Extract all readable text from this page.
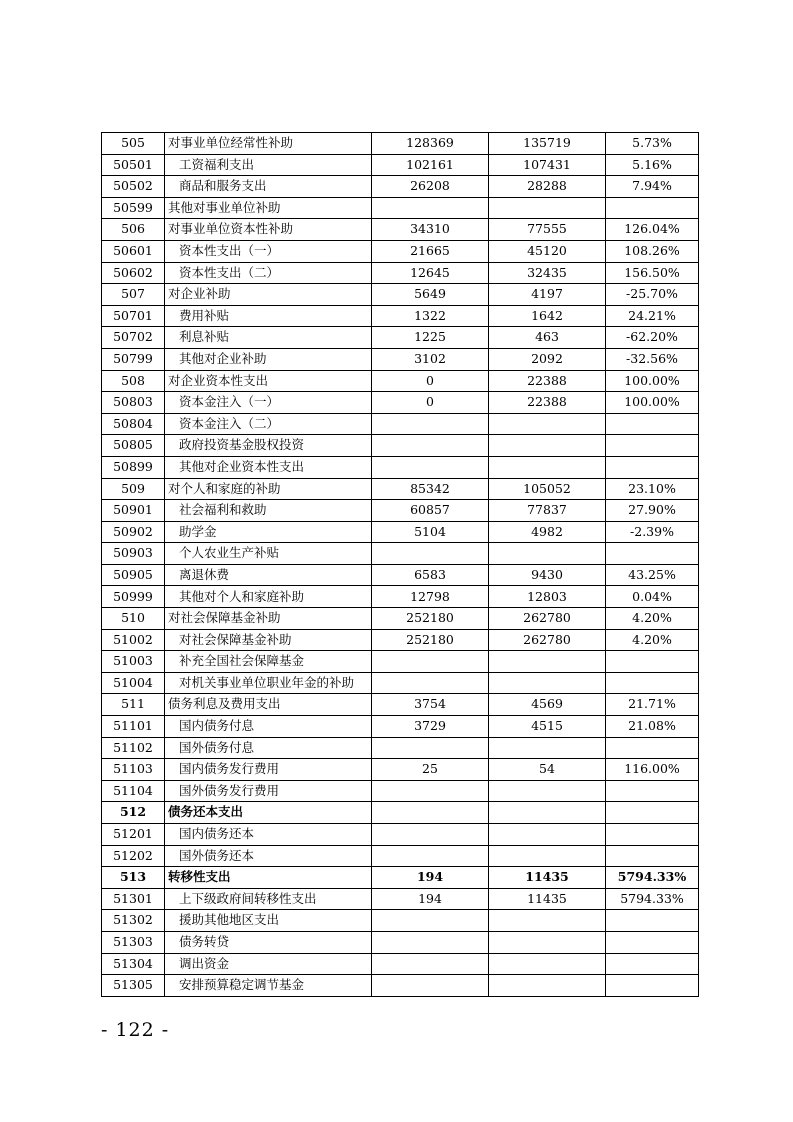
505	对事业单位经常性补助	128369	135719	5.73%
50501	工资福利支出	102161	107431	5.16%
50502	商品和服务支出	26208	28288	7.94%
50599	其他对事业单位补助			
506	对事业单位资本性补助	34310	77555	126.04%
50601	资本性支出（一）	21665	45120	108.26%
50602	资本性支出（二）	12645	32435	156.50%
507	对企业补助	5649	4197	-25.70%
50701	费用补贴	1322	1642	24.21%
50702	利息补贴	1225	463	-62.20%
50799	其他对企业补助	3102	2092	-32.56%
508	对企业资本性支出	0	22388	100.00%
50803	资本金注入（一）	0	22388	100.00%
50804	资本金注入（二）			
50805	政府投资基金股权投资			
50899	其他对企业资本性支出			
509	对个人和家庭的补助	85342	105052	23.10%
50901	社会福利和救助	60857	77837	27.90%
50902	助学金	5104	4982	-2.39%
50903	个人农业生产补贴			
50905	离退休费	6583	9430	43.25%
50999	其他对个人和家庭补助	12798	12803	0.04%
510	对社会保障基金补助	252180	262780	4.20%
51002	对社会保障基金补助	252180	262780	4.20%
51003	补充全国社会保障基金			
51004	对机关事业单位职业年金的补助			
511	债务利息及费用支出	3754	4569	21.71%
51101	国内债务付息	3729	4515	21.08%
51102	国外债务付息			
51103	国内债务发行费用	25	54	116.00%
51104	国外债务发行费用			
512	债务还本支出			
51201	国内债务还本			
51202	国外债务还本			
513	转移性支出	194	11435	5794.33%
51301	上下级政府间转移性支出	194	11435	5794.33%
51302	援助其他地区支出			
51303	债务转贷			
51304	调出资金			
51305	安排预算稳定调节基金			
- 122 -
